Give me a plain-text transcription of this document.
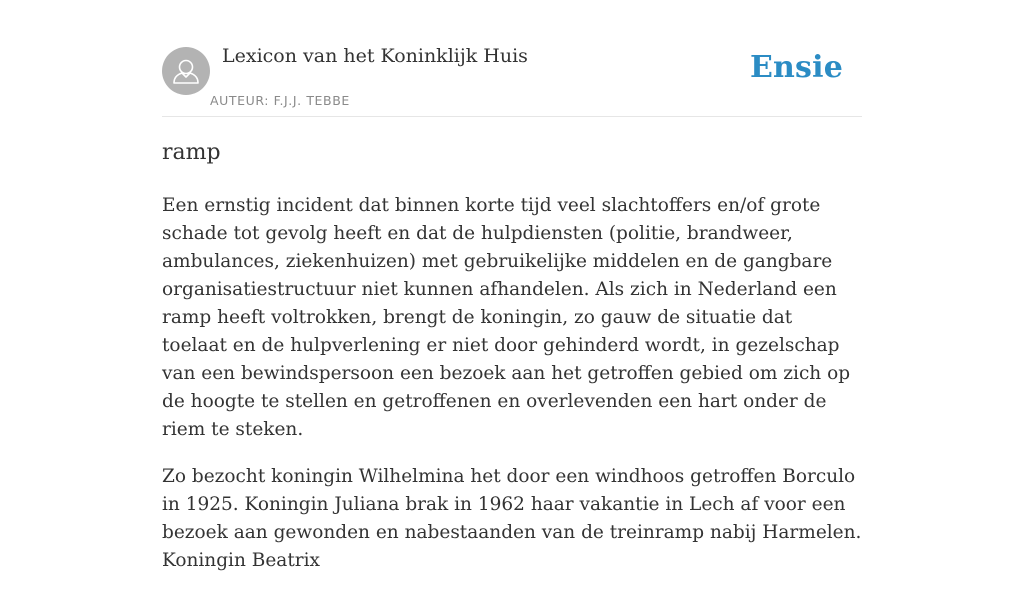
Lexicon van het Koninklijk Huis
AUTEUR: F.J.J. TEBBE
Ensie
ramp

Een ernstig incident dat binnen korte tijd veel slachtoffers en/of grote schade tot gevolg heeft en dat de hulpdiensten (politie, brandweer, ambulances, ziekenhuizen) met gebruikelijke middelen en de gangbare organisatiestructuur niet kunnen afhandelen. Als zich in Nederland een ramp heeft voltrokken, brengt de koningin, zo gauw de situatie dat toelaat en de hulpverlening er niet door gehinderd wordt, in gezelschap van een bewindspersoon een bezoek aan het getroffen gebied om zich op de hoogte te stellen en getroffenen en overlevenden een hart onder de riem te steken.

Zo bezocht koningin Wilhelmina het door een windhoos getroffen Borculo in 1925. Koningin Juliana brak in 1962 haar vakantie in Lech af voor een bezoek aan gewonden en nabestaanden van de treinramp nabij Harmelen. Koningin Beatrix
